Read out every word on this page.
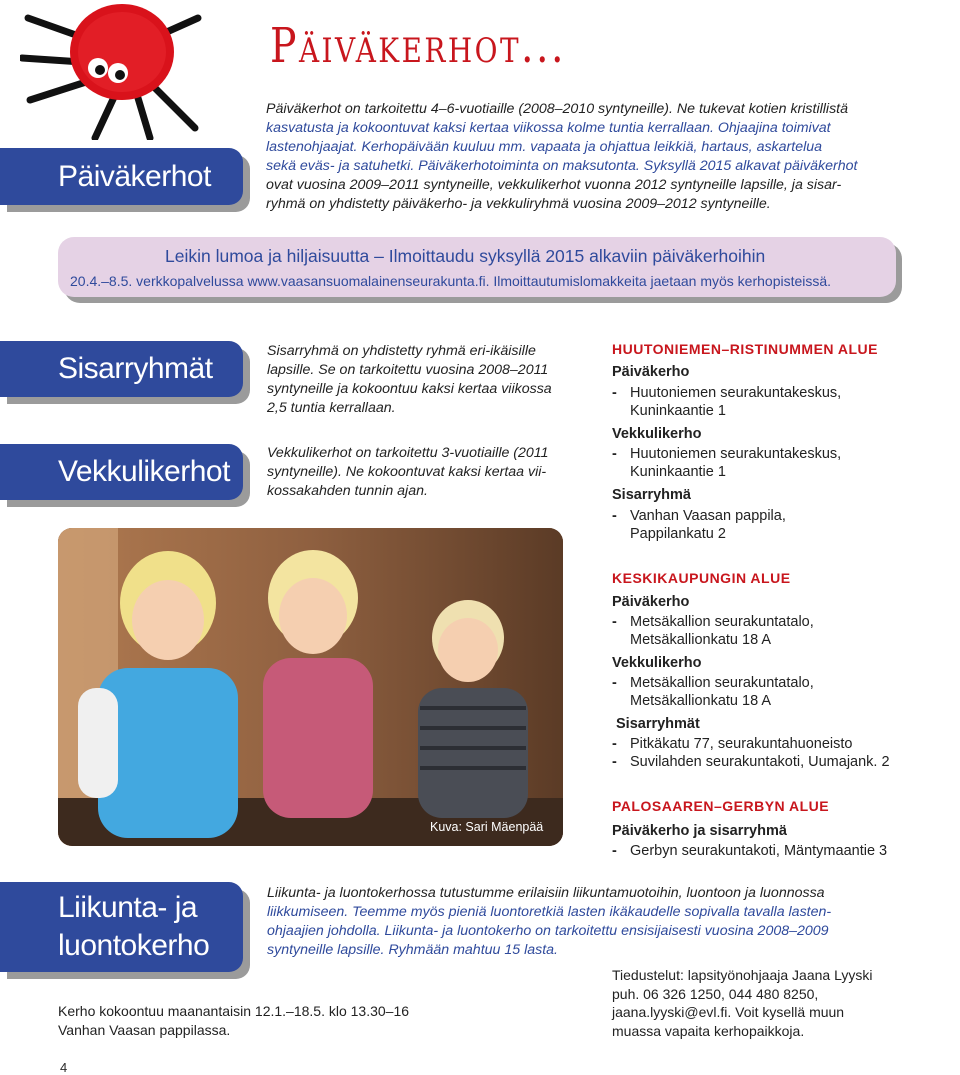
Päiväkerhot...
Päiväkerhot
Päiväkerhot on tarkoitettu 4–6-vuotiaille (2008–2010 syntyneille). Ne tukevat kotien kristillistä
kasvatusta ja kokoontuvat kaksi kertaa viikossa kolme tuntia kerrallaan. Ohjaajina toimivat
lastenohjaajat. Kerhopäivään kuuluu mm. vapaata ja ohjattua leikkiä, hartaus, askartelua
sekä eväs- ja satuhetki. Päiväkerhotoiminta on maksutonta. Syksyllä 2015 alkavat päiväkerhot
ovat vuosina 2009–2011 syntyneille, vekkulikerhot vuonna 2012 syntyneille lapsille, ja sisar-
ryhmä on yhdistetty päiväkerho- ja vekkuliryhmä vuosina 2009–2012 syntyneille.
Leikin lumoa ja hiljaisuutta – Ilmoittaudu syksyllä 2015 alkaviin päiväkerhoihin
20.4.–8.5. verkkopalvelussa www.vaasansuomalainenseurakunta.fi. Ilmoittautumislomakkeita jaetaan myös kerhopisteissä.
Sisarryhmät
Vekkulikerhot
Sisarryhmä on yhdistetty ryhmä eri-ikäisille
lapsille. Se on tarkoitettu vuosina 2008–2011
syntyneille ja kokoontuu kaksi kertaa viikossa
2,5 tuntia kerrallaan.
Vekkulikerhot on tarkoitettu 3-vuotiaille (2011
syntyneille). Ne kokoontuvat kaksi kertaa vii-
kossakahden tunnin ajan.
HUUTONIEMEN–RISTINUMMEN ALUE
Päiväkerho
- Huutoniemen seurakuntakeskus,
Kuninkaantie 1
Vekkulikerho
- Huutoniemen seurakuntakeskus,
Kuninkaantie 1
Sisarryhmä
- Vanhan Vaasan pappila,
Pappilankatu 2
KESKIKAUPUNGIN ALUE
Päiväkerho
- Metsäkallion seurakuntatalo,
Metsäkallionkatu 18 A
Vekkulikerho
- Metsäkallion seurakuntatalo,
Metsäkallionkatu 18 A
Sisarryhmät
- Pitkäkatu 77, seurakuntahuoneisto
- Suvilahden seurakuntakoti, Uumajank. 2
PALOSAAREN–GERBYN ALUE
Päiväkerho ja sisarryhmä
- Gerbyn seurakuntakoti, Mäntymaantie 3
Kuva: Sari Mäenpää
Liikunta- ja
luontokerho
Liikunta- ja luontokerhossa tutustumme erilaisiin liikuntamuotoihin, luontoon ja luonnossa
liikkumiseen. Teemme myös pieniä luontoretkiä lasten ikäkaudelle sopivalla tavalla lasten-
ohjaajien johdolla. Liikunta- ja luontokerho on tarkoitettu ensisijaisesti vuosina 2008–2009
syntyneille lapsille. Ryhmään mahtuu 15 lasta.
Kerho kokoontuu maanantaisin 12.1.–18.5. klo 13.30–16
Vanhan Vaasan pappilassa.
Tiedustelut: lapsityönohjaaja Jaana Lyyski
puh. 06 326 1250, 044 480 8250,
jaana.lyyski@evl.fi. Voit kysellä muun
muassa vapaita kerhopaikkoja.
4
